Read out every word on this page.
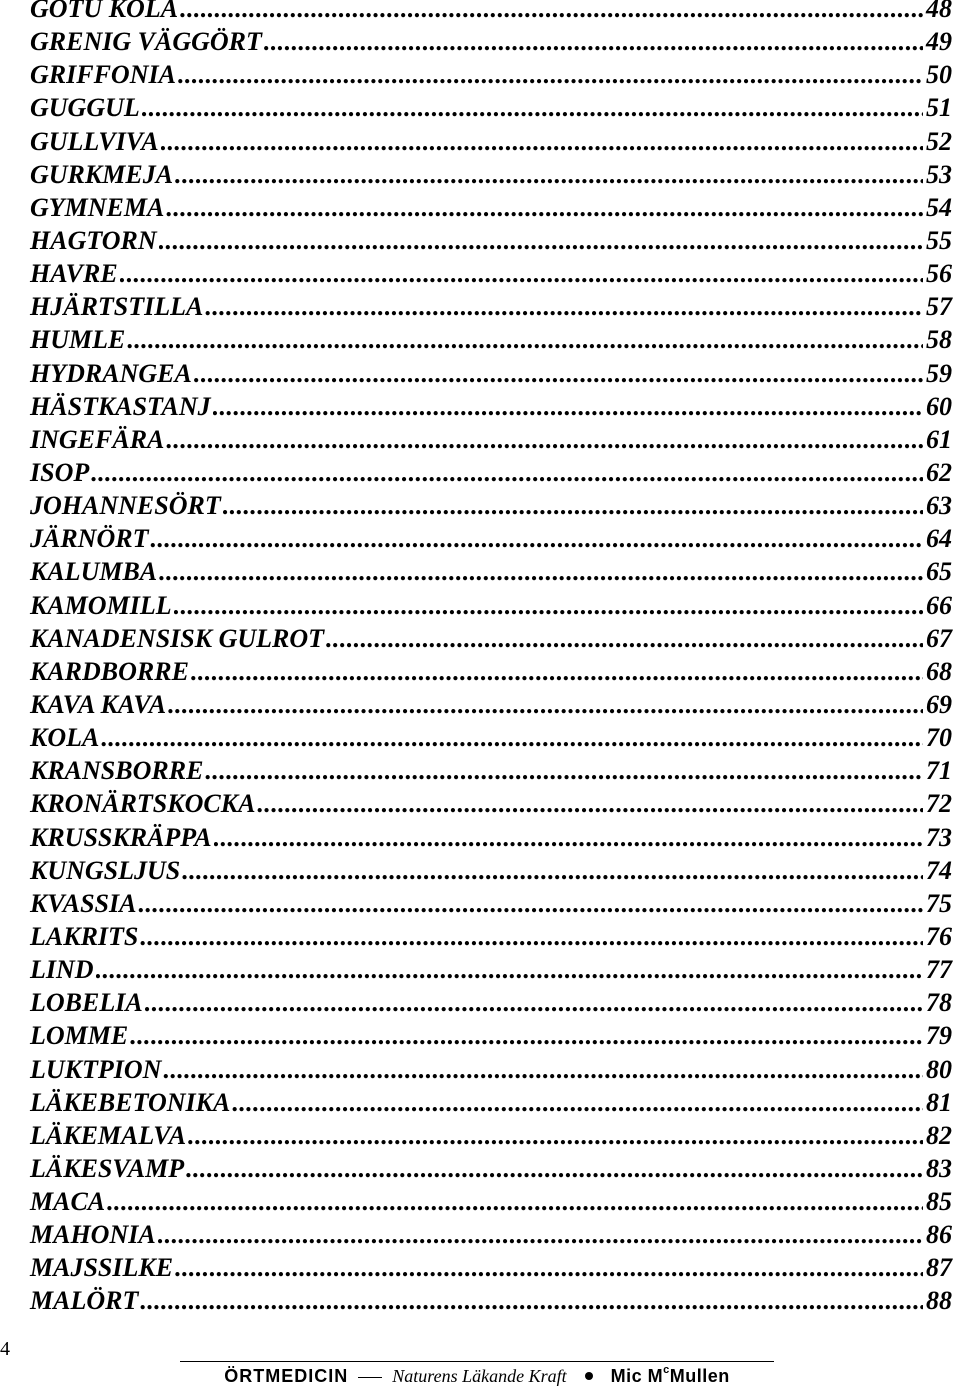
GOTU KOLA .....	48
GRENIG VÄGGÖRT .....	49
GRIFFONIA .....	50
GUGGUL .....	51
GULLVIVA .....	52
GURKMEJA .....	53
GYMNEMA .....	54
HAGTORN .....	55
HAVRE .....	56
HJÄRTSTILLA .....	57
HUMLE .....	58
HYDRANGEA .....	59
HÄSTKASTANJ .....	60
INGEFÄRA .....	61
ISOP .....	62
JOHANNESÖRT .....	63
JÄRNÖRT .....	64
KALUMBA .....	65
KAMOMILL .....	66
KANADENSISK GULROT .....	67
KARDBORRE .....	68
KAVA KAVA .....	69
KOLA .....	70
KRANSBORRE .....	71
KRONÄRTSKOCKA .....	72
KRUSSKRÄPPA .....	73
KUNGSLJUS .....	74
KVASSIA .....	75
LAKRITS .....	76
LIND .....	77
LOBELIA .....	78
LOMME .....	79
LUKTPION .....	80
LÄKEBETONIKA .....	81
LÄKEMALVA .....	82
LÄKESVAMP .....	83
MACA .....	85
MAHONIA .....	86
MAJSSILKE .....	87
MALÖRT .....	88
4
ÖRTMEDICIN Naturens Läkande Kraft Mic $M^cMullen$
